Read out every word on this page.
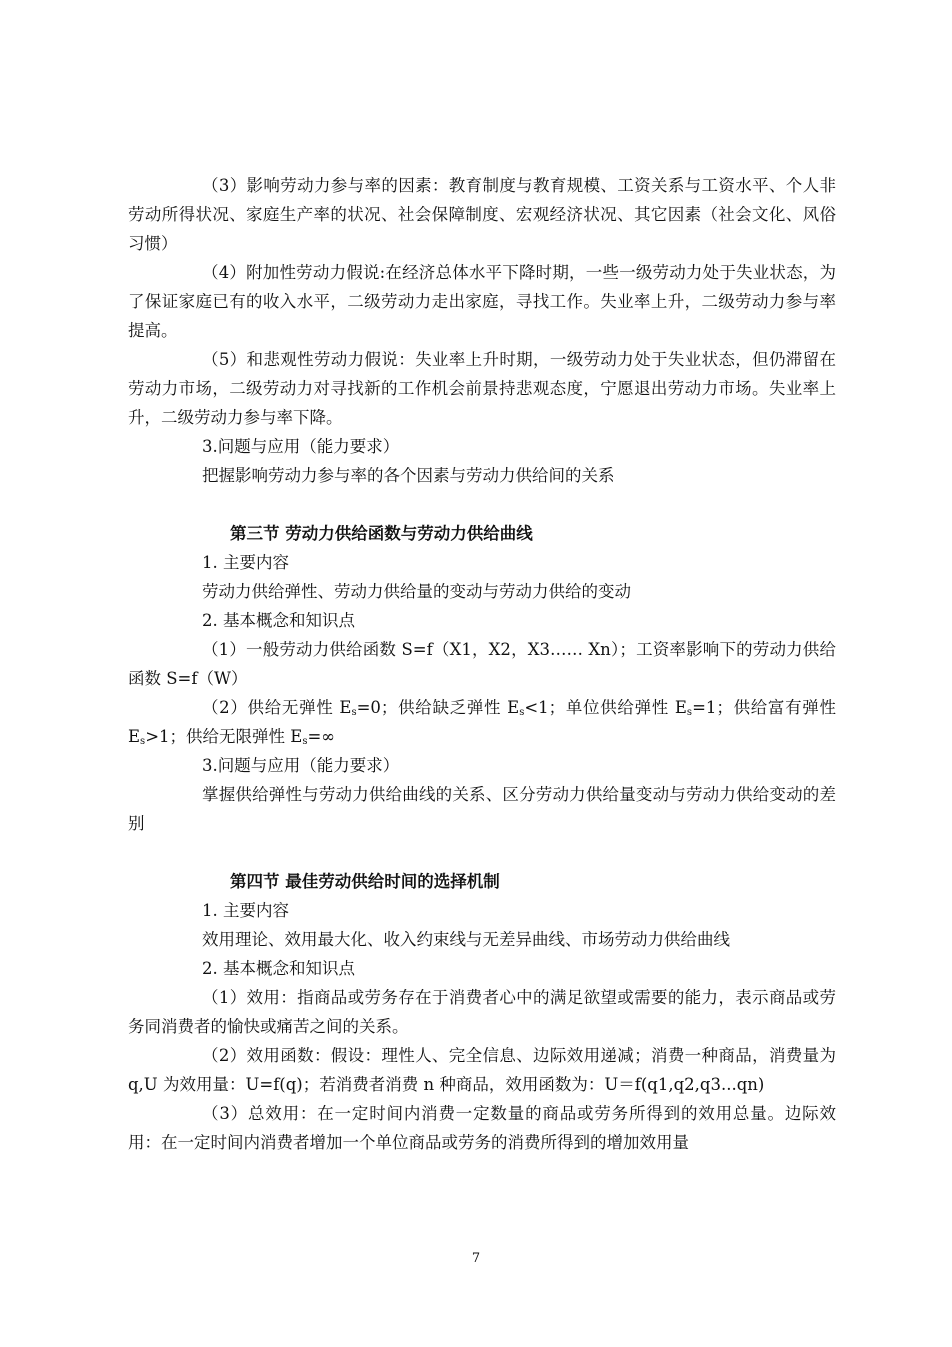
（3）影响劳动力参与率的因素：教育制度与教育规模、工资关系与工资水平、个人非劳动所得状况、家庭生产率的状况、社会保障制度、宏观经济状况、其它因素（社会文化、风俗习惯）

（4）附加性劳动力假说:在经济总体水平下降时期，一些一级劳动力处于失业状态，为了保证家庭已有的收入水平，二级劳动力走出家庭，寻找工作。失业率上升，二级劳动力参与率提高。

（5）和悲观性劳动力假说：失业率上升时期，一级劳动力处于失业状态，但仍滞留在劳动力市场，二级劳动力对寻找新的工作机会前景持悲观态度，宁愿退出劳动力市场。失业率上升，二级劳动力参与率下降。

3.问题与应用（能力要求）

把握影响劳动力参与率的各个因素与劳动力供给间的关系

第三节 劳动力供给函数与劳动力供给曲线

1. 主要内容

劳动力供给弹性、劳动力供给量的变动与劳动力供给的变动

2. 基本概念和知识点

（1）一般劳动力供给函数 S=f（X1，X2，X3…… Xn）；工资率影响下的劳动力供给函数 S=f（W）

（2）供给无弹性 $E_s=0$；供给缺乏弹性 $E_s<1$；单位供给弹性 $E_s=1$；供给富有弹性 $E_s>1$；供给无限弹性 $E_s=\infty$

3.问题与应用（能力要求）

掌握供给弹性与劳动力供给曲线的关系、区分劳动力供给量变动与劳动力供给变动的差别

第四节 最佳劳动供给时间的选择机制

1. 主要内容

效用理论、效用最大化、收入约束线与无差异曲线、市场劳动力供给曲线

2. 基本概念和知识点

（1）效用：指商品或劳务存在于消费者心中的满足欲望或需要的能力，表示商品或劳务同消费者的愉快或痛苦之间的关系。

（2）效用函数：假设：理性人、完全信息、边际效用递减；消费一种商品，消费量为 q,U 为效用量：U=f(q)；若消费者消费 n 种商品，效用函数为：U＝f(q1,q2,q3...qn)

（3）总效用：在一定时间内消费一定数量的商品或劳务所得到的效用总量。边际效用：在一定时间内消费者增加一个单位商品或劳务的消费所得到的增加效用量

7
